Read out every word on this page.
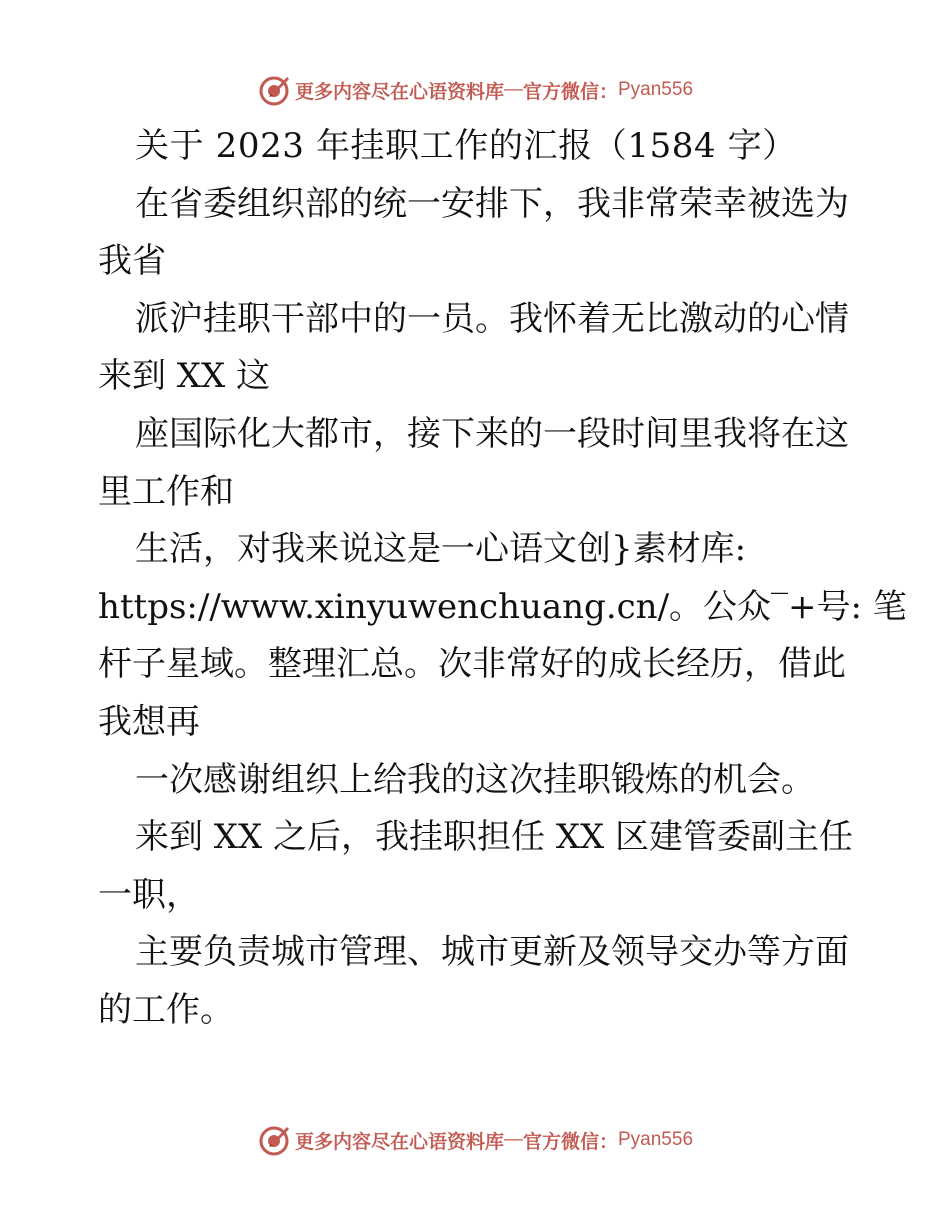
更多内容尽在心语资料库 — 官方微信： Pyan556
关于 2023 年挂职工作的汇报（1584 字）
在省委组织部的统一安排下，我非常荣幸被选为
我省
派沪挂职干部中的一员。我怀着无比激动的心情
来到 XX 这
座国际化大都市，接下来的一段时间里我将在这
里工作和
生活，对我来说这是一心语文创}素材库:
https://www.xinyuwenchuang.cn/。公众‾+号: 笔
杆子星域。整理汇总。次非常好的成长经历，借此
我想再
一次感谢组织上给我的这次挂职锻炼的机会。
来到 XX 之后，我挂职担任 XX 区建管委副主任
一职，
主要负责城市管理、城市更新及领导交办等方面
的工作。
更多内容尽在心语资料库 — 官方微信： Pyan556
